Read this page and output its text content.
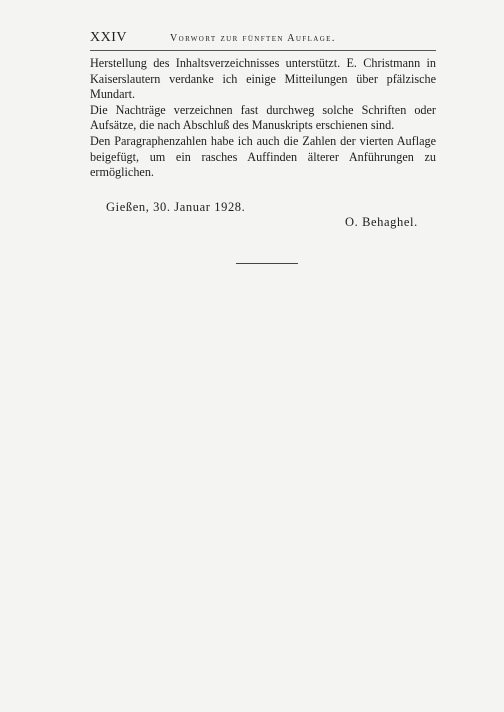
XXIV	Vorwort zur fünften Auflage.

Herstellung des Inhaltsverzeichnisses unterstützt. E. Christmann in Kaiserslautern verdanke ich einige Mitteilungen über pfälzische Mundart.

Die Nachträge verzeichnen fast durchweg solche Schriften oder Aufsätze, die nach Abschluß des Manuskripts erschienen sind.

Den Paragraphenzahlen habe ich auch die Zahlen der vierten Auflage beigefügt, um ein rasches Auffinden älterer Anführungen zu ermöglichen.

Gießen, 30. Januar 1928.
O. Behaghel.
